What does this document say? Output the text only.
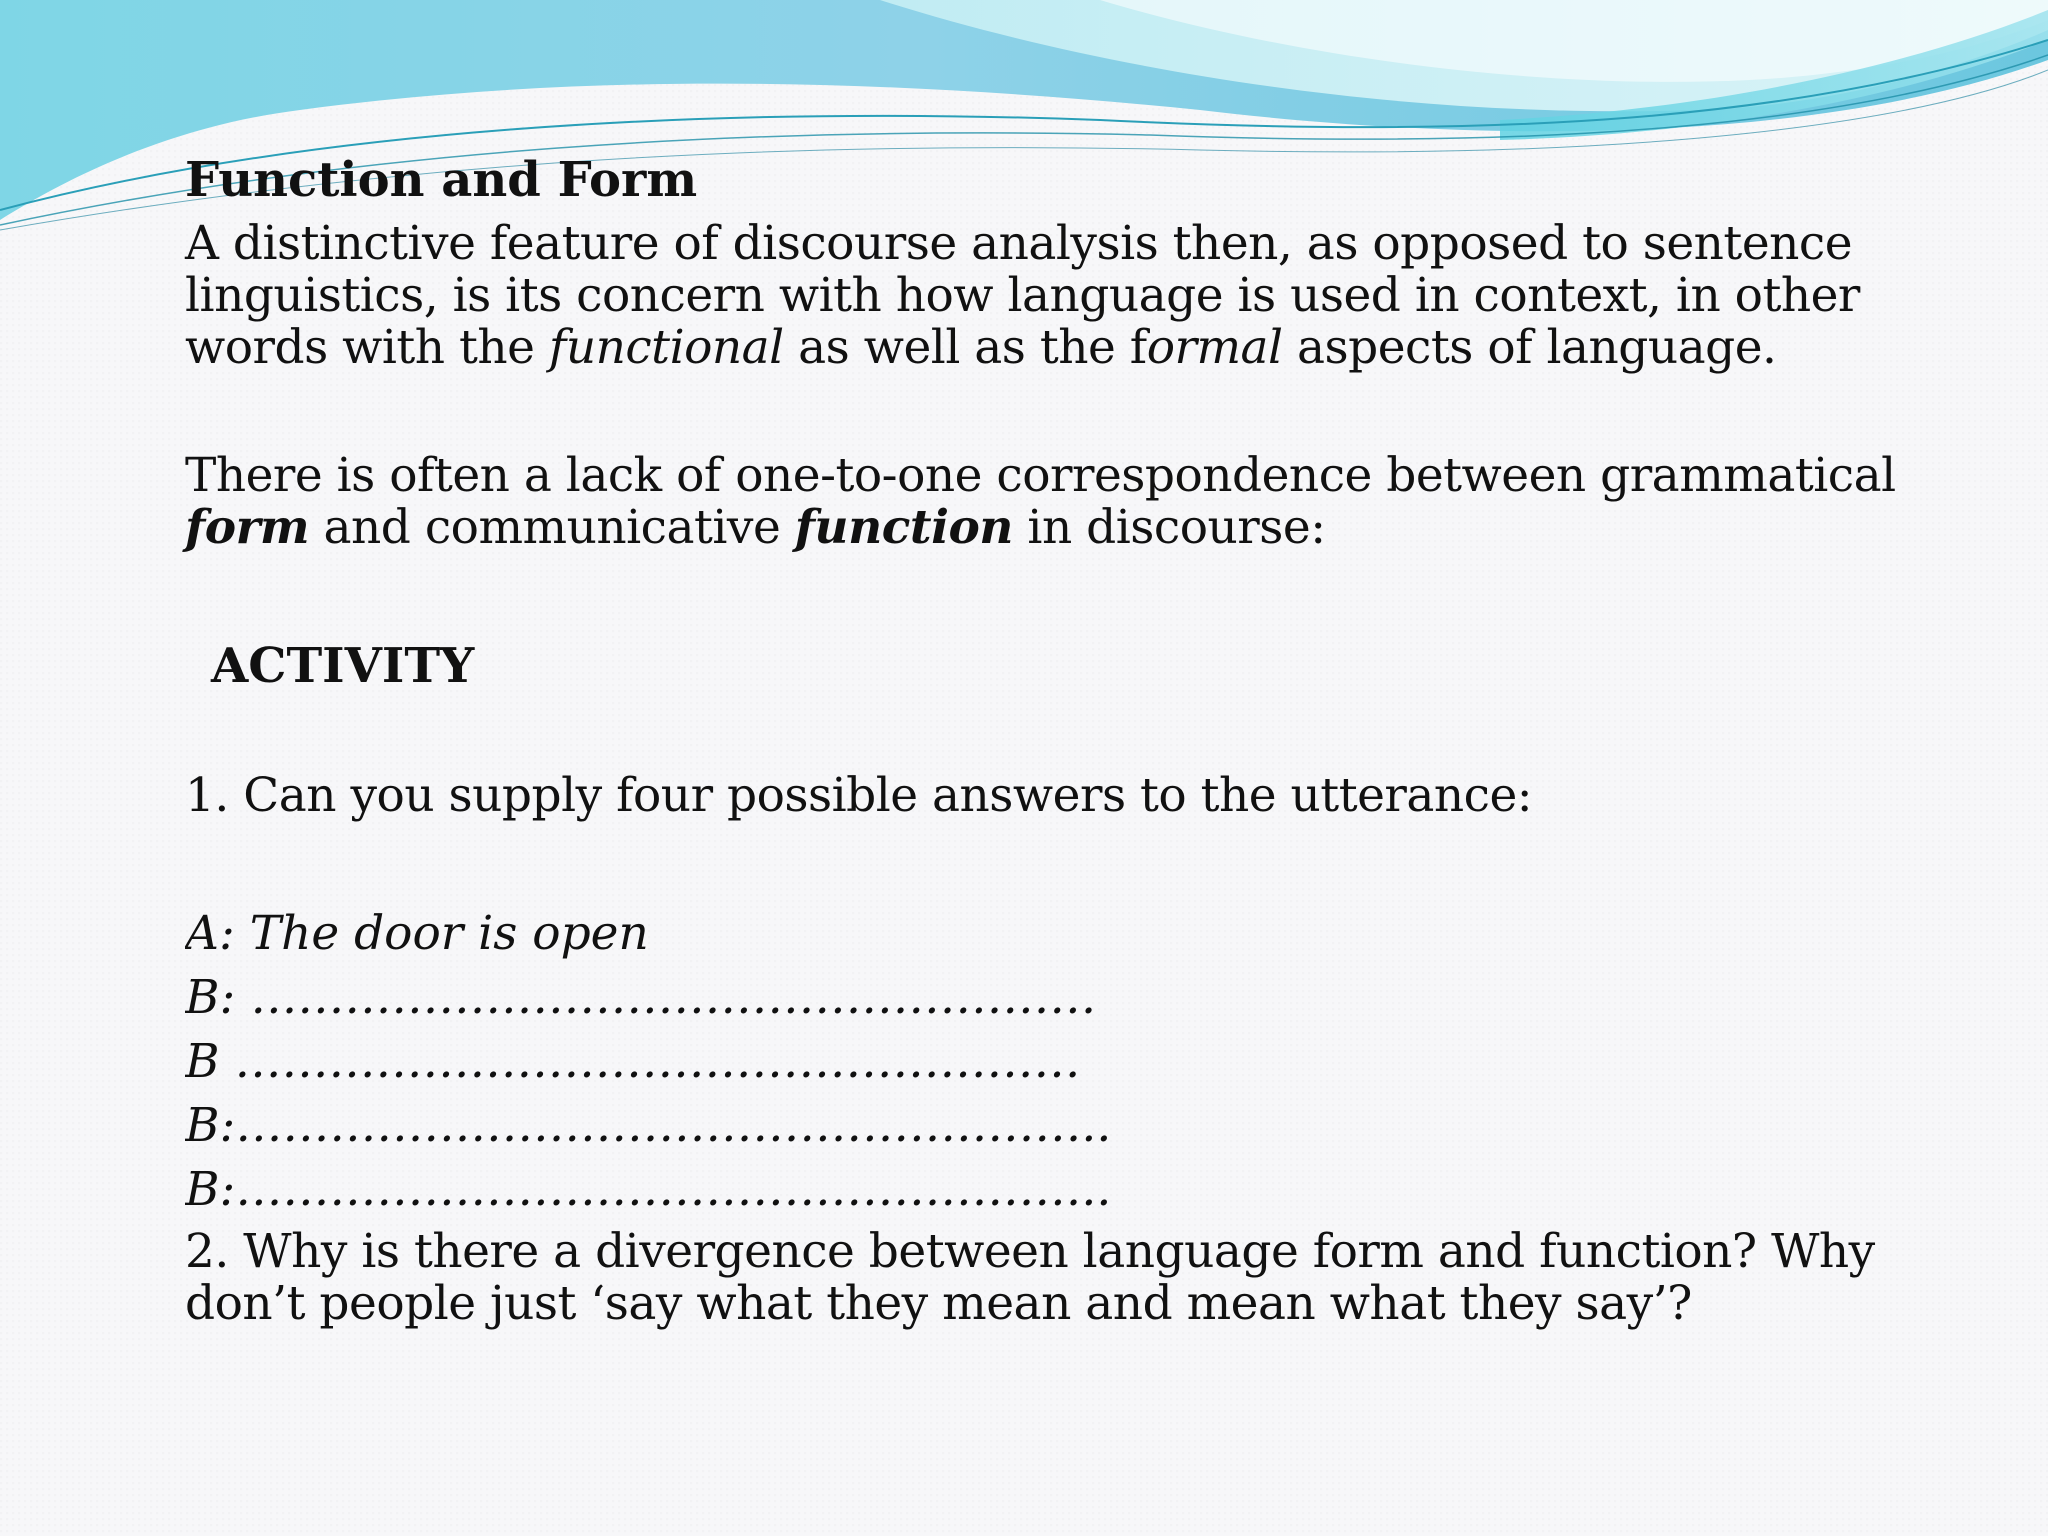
Function and Form

A distinctive feature of discourse analysis then, as opposed to sentence linguistics, is its concern with how language is used in context, in other words with the functional as well as the formal aspects of language.

There is often a lack of one-to-one correspondence between grammatical form and communicative function in discourse:

ACTIVITY

1. Can you supply four possible answers to the utterance:

A: The door is open
B: ………………………………………………
B ………………………………………………
B:………………………………………………..
B:………………………………………………..

2. Why is there a divergence between language form and function? Why don’t people just ‘say what they mean and mean what they say’?
